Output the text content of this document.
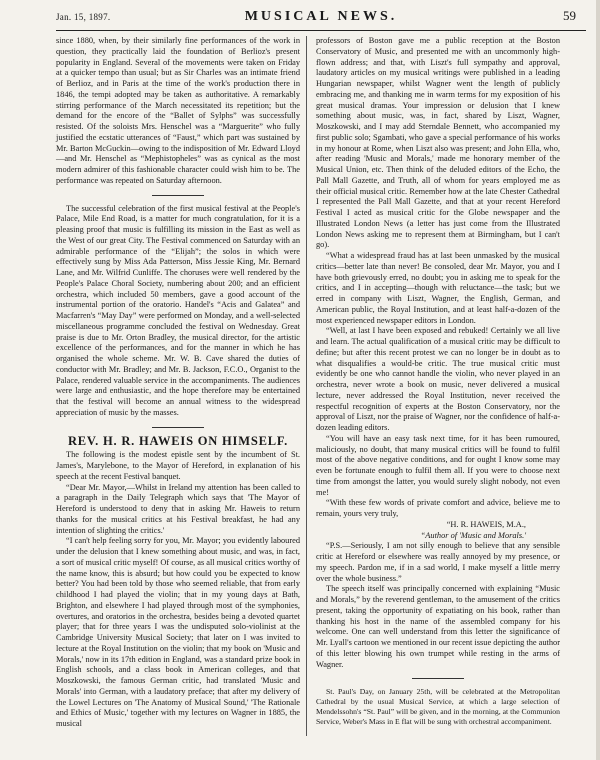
Jan. 15, 1897.	MUSICAL NEWS.	59

since 1880, when, by their similarly fine performances of the work in question, they practically laid the foundation of Berlioz's present popularity in England. Several of the movements were taken on Friday at a quicker tempo than usual; but as Sir Charles was an intimate friend of Berlioz, and in Paris at the time of the work's production there in 1846, the tempi adopted may be taken as authoritative. A remarkably stirring performance of the March necessitated its repetition; but the demand for the encore of the “Ballet of Sylphs” was successfully resisted. Of the soloists Mrs. Henschel was a “Marguerite” who fully justified the ecstatic utterances of “Faust,” which part was sustained by Mr. Barton McGuckin—owing to the indisposition of Mr. Edward Lloyd—and Mr. Henschel as “Mephistopheles” was as cynical as the most modern admirer of this fashionable character could wish him to be. The performance was repeated on Saturday afternoon.

The successful celebration of the first musical festival at the People's Palace, Mile End Road, is a matter for much congratulation, for it is a pleasing proof that music is fulfilling its mission in the East as well as the West of our great City. The Festival commenced on Saturday with an admirable performance of the “Elijah”; the solos in which were effectively sung by Miss Ada Patterson, Miss Jessie King, Mr. Bernard Lane, and Mr. Wilfrid Cunliffe. The choruses were well rendered by the People's Palace Choral Society, numbering about 200; and an efficient orchestra, which included 50 members, gave a good account of the instrumental portion of the oratorio. Handel's “Acis and Galatea” and Macfarren's “May Day” were performed on Monday, and a well-selected miscellaneous programme concluded the festival on Wednesday. Great praise is due to Mr. Orton Bradley, the musical director, for the artistic excellence of the performances, and for the manner in which he has organised the whole scheme. Mr. W. B. Cave shared the duties of conductor with Mr. Bradley; and Mr. B. Jackson, F.C.O., Organist to the Palace, rendered valuable service in the accompaniments. The audiences were large and enthusiastic, and the hope therefore may be entertained that the festival will become an annual witness to the widespread appreciation of music by the masses.

REV. H. R. HAWEIS ON HIMSELF.

The following is the modest epistle sent by the incumbent of St. James's, Marylebone, to the Mayor of Hereford, in explanation of his speech at the recent Festival banquet.

“Dear Mr. Mayor,—Whilst in Ireland my attention has been called to a paragraph in the Daily Telegraph which says that 'The Mayor of Hereford is understood to deny that in asking Mr. Haweis to return thanks for the musical critics at his Festival breakfast, he had any intention of slighting the critics.'

“I can't help feeling sorry for you, Mr. Mayor; you evidently laboured under the delusion that I knew something about music, and was, in fact, a sort of musical critic myself! Of course, as all musical critics worthy of the name know, this is absurd; but how could you be expected to know better? You had been told by those who seemed reliable, that from early childhood I had played the violin; that in my young days at Bath, Brighton, and elsewhere I had played through most of the symphonies, overtures, and oratorios in the orchestra, besides being a devoted quartet player; that for three years I was the undisputed solo-violinist at the Cambridge University Musical Society; that later on I was invited to lecture at the Royal Institution on the violin; that my book on 'Music and Morals,' now in its 17th edition in England, was a standard prize book in English schools, and a class book in American colleges, and that Moszkowski, the famous German critic, had translated 'Music and Morals' into German, with a laudatory preface; that after my delivery of the Lowel Lectures on 'The Anatomy of Musical Sound,' 'The Rationale and Ethics of Music,' together with my lectures on Wagner in 1885, the musical

professors of Boston gave me a public reception at the Boston Conservatory of Music, and presented me with an uncommonly high-flown address; and that, with Liszt's full sympathy and approval, laudatory articles on my musical writings were published in a leading Hungarian newspaper, whilst Wagner went the length of publicly embracing me, and thanking me in warm terms for my exposition of his great musical dramas. Your impression or delusion that I knew something about music, was, in fact, shared by Liszt, Wagner, Moszkowski, and I may add Sterndale Bennett, who accompanied my first public solo; Sgambati, who gave a special performance of his works in my honour at Rome, when Liszt also was present; and John Ella, who, after reading 'Music and Morals,' made me honorary member of the Musical Union, etc. Then think of the deluded editors of the Echo, the Pall Mall Gazette, and Truth, all of whom for years employed me as their official musical critic. Remember how at the late Chester Cathedral I represented the Pall Mall Gazette, and that at your recent Hereford Festival I acted as musical critic for the Globe newspaper and the Illustrated London News (a letter has just come from the Illustrated London News asking me to represent them at Birmingham, but I can't go).

“What a widespread fraud has at last been unmasked by the musical critics—better late than never! Be consoled, dear Mr. Mayor, you and I have both grievously erred, no doubt; you in asking me to speak for the critics, and I in accepting—though with reluctance—the task; but we erred in company with Liszt, Wagner, the English, German, and American public, the Royal Institution, and at least half-a-dozen of the most experienced newspaper editors in London.

“Well, at last I have been exposed and rebuked! Certainly we all live and learn. The actual qualification of a musical critic may be difficult to define; but after this recent protest we can no longer be in doubt as to what disqualifies a would-be critic. The true musical critic must evidently be one who cannot handle the violin, who never played in an orchestra, never wrote a book on music, never delivered a musical lecture, never addressed the Royal Institution, never received the respectful recognition of experts at the Boston Conservatory, nor the approval of Liszt, nor the praise of Wagner, nor the confidence of half-a-dozen leading editors.

“You will have an easy task next time, for it has been rumoured, maliciously, no doubt, that many musical critics will be found to fulfil most of the above negative conditions, and for ought I know some may even be fortunate enough to fulfil them all. If you were to choose next time from amongst the latter, you would surely slight nobody, not even me!

“With these few words of private comfort and advice, believe me to remain, yours very truly,

“H. R. HAWEIS, M.A.,

“Author of 'Music and Morals.'

“P.S.—Seriously, I am not silly enough to believe that any sensible critic at Hereford or elsewhere was really annoyed by my presence, or my speech. Pardon me, if in a sad world, I make myself a little merry over the whole business.”

The speech itself was principally concerned with explaining “Music and Morals,” by the reverend gentleman, to the amusement of the critics present, taking the opportunity of expatiating on his book, rather than thanking his host in the name of the assembled company for his welcome. One can well understand from this letter the significance of Mr. Lyall's cartoon we mentioned in our recent issue depicting the author of this letter blowing his own trumpet while resting in the arms of Wagner.

St. Paul's Day, on January 25th, will be celebrated at the Metropolitan Cathedral by the usual Musical Service, at which a large selection of Mendelssohn's “St. Paul” will be given, and in the morning, at the Communion Service, Weber's Mass in E flat will be sung with orchestral accompaniment.
